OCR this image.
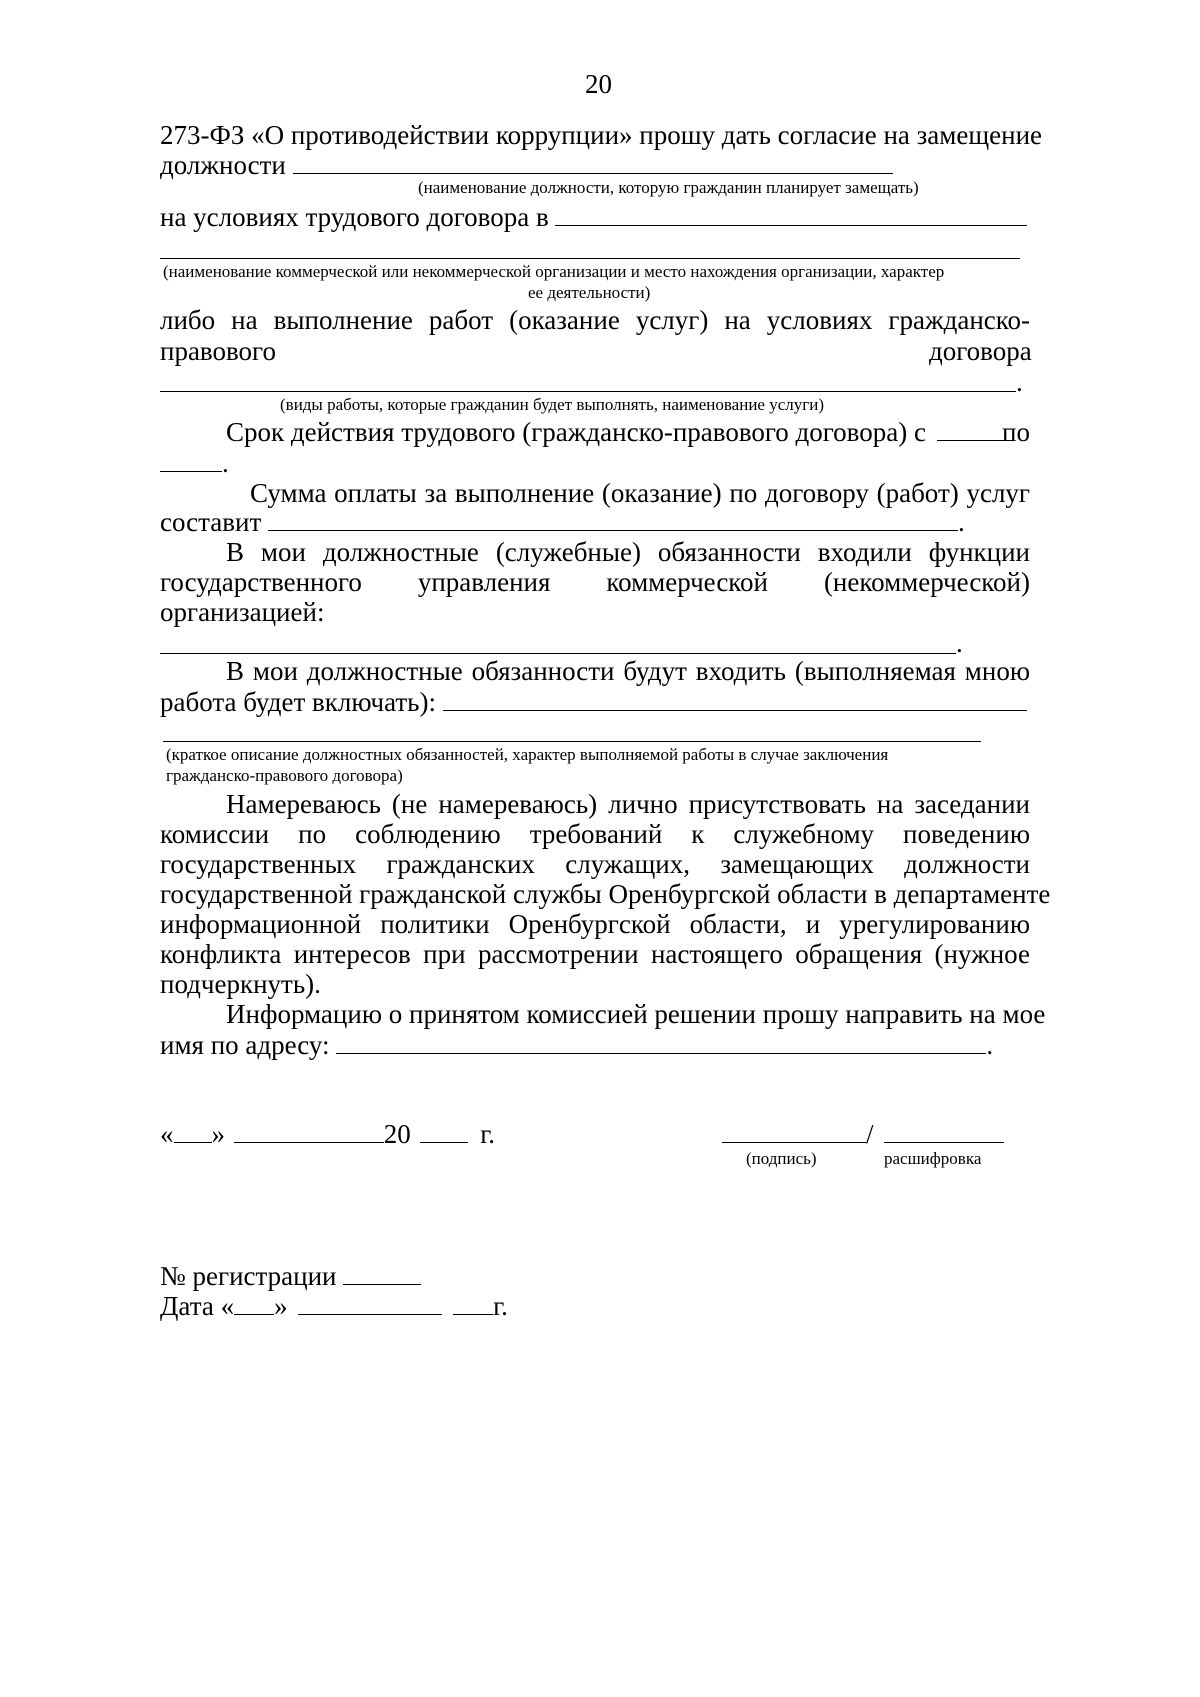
20
273-ФЗ «О противодействии коррупции» прошу дать согласие на замещение
должности
(наименование должности, которую гражданин планирует замещать)
на условиях трудового договора в
(наименование коммерческой или некоммерческой организации и место нахождения организации, характер
ее деятельности)
либо на выполнение работ (оказание услуг) на условиях гражданско-
правового	договора
.
(виды работы, которые гражданин будет выполнять, наименование услуги)
Срок действия трудового (гражданско-правового договора) с	по
.
Сумма оплаты за выполнение (оказание) по договору (работ) услуг
составит	.
В мои должностные (служебные) обязанности входили функции
государственного управления коммерческой (некоммерческой)
организацией:
.
В мои должностные обязанности будут входить (выполняемая мною
работа будет включать):
(краткое описание должностных обязанностей, характер выполняемой работы в случае заключения
гражданско-правового договора)
Намереваюсь (не намереваюсь) лично присутствовать на заседании
комиссии по соблюдению требований к служебному поведению
государственных гражданских служащих, замещающих должности
государственной гражданской службы Оренбургской области в департаменте
информационной политики Оренбургской области, и урегулированию
конфликта интересов при рассмотрении настоящего обращения (нужное
подчеркнуть).
Информацию о принятом комиссией решении прошу направить на мое
имя по адресу:	.
« »	20	г.	/
(подпись)	расшифровка
№ регистрации
Дата « »	г.
